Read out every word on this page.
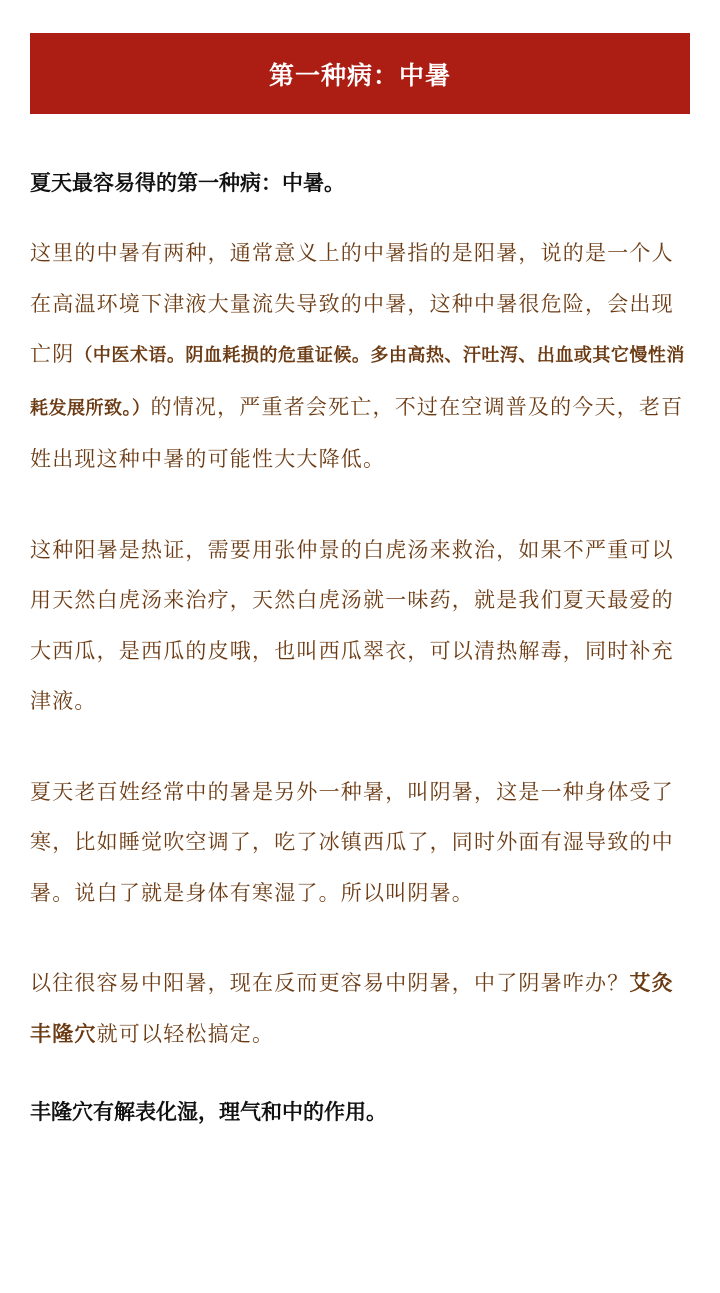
第一种病：中暑

夏天最容易得的第一种病：中暑。

这里的中暑有两种，通常意义上的中暑指的是阳暑，说的是一个人在高温环境下津液大量流失导致的中暑，这种中暑很危险，会出现亡阴（中医术语。阴血耗损的危重证候。多由高热、汗吐泻、出血或其它慢性消耗发展所致。）的情况，严重者会死亡，不过在空调普及的今天，老百姓出现这种中暑的可能性大大降低。

这种阳暑是热证，需要用张仲景的白虎汤来救治，如果不严重可以用天然白虎汤来治疗，天然白虎汤就一味药，就是我们夏天最爱的大西瓜，是西瓜的皮哦，也叫西瓜翠衣，可以清热解毒，同时补充津液。

夏天老百姓经常中的暑是另外一种暑，叫阴暑，这是一种身体受了寒，比如睡觉吹空调了，吃了冰镇西瓜了，同时外面有湿导致的中暑。说白了就是身体有寒湿了。所以叫阴暑。

以往很容易中阳暑，现在反而更容易中阴暑，中了阴暑咋办？艾灸丰隆穴就可以轻松搞定。

丰隆穴有解表化湿，理气和中的作用。
